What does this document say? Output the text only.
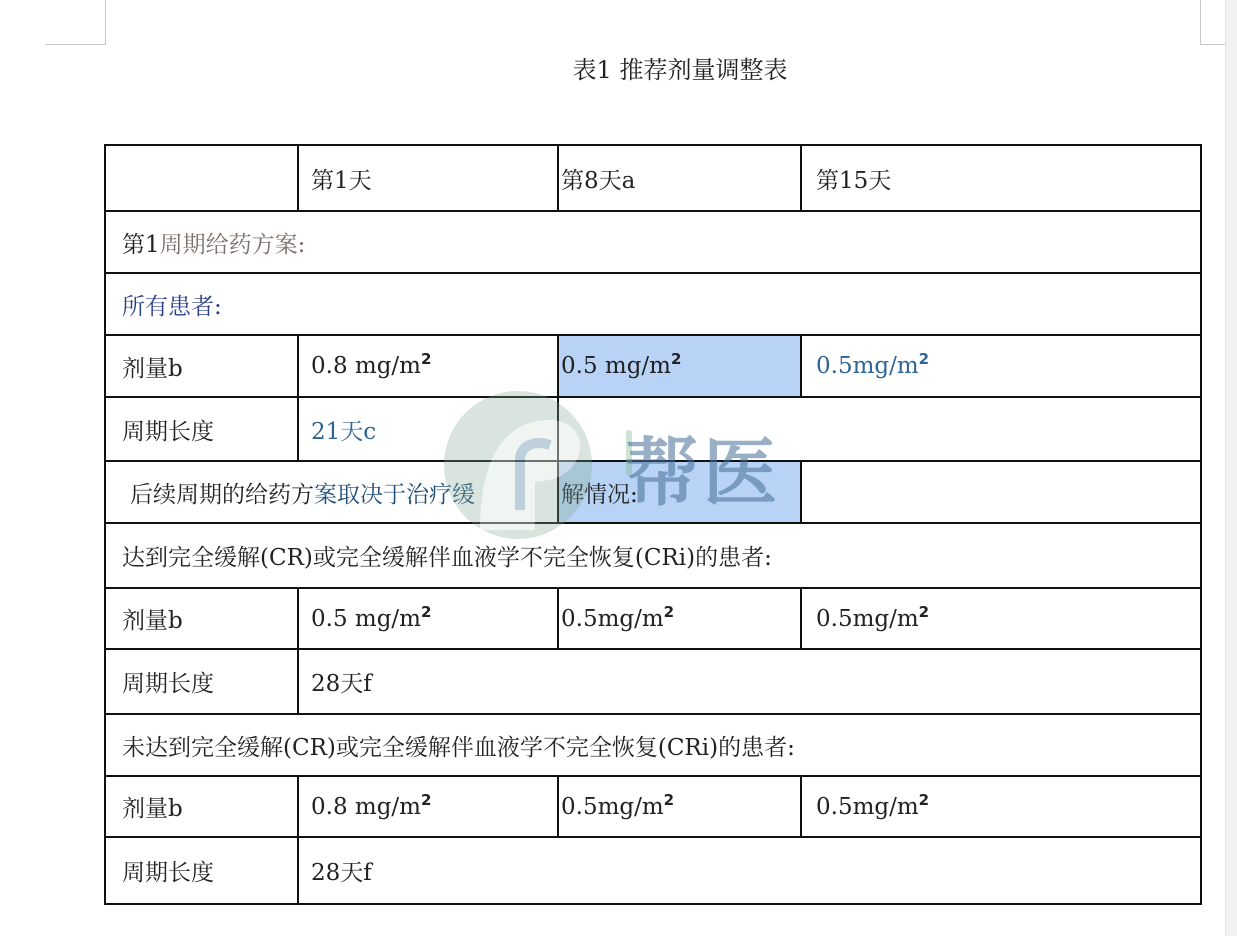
表1 推荐剂量调整表
	第1天	第8天a	第15天
第1周期给药方案:			
所有患者:			
剂量b	0.8 $mg/m^2$	0.5 $mg/m^2$	$0.5mg/m^2$
周期长度	21天c		
后续周期的给药方案取决于治疗缓		解情况:	
达到完全缓解(CR)或完全缓解伴血液学不完全恢复(CRi)的患者:			
剂量b	0.5 $mg/m^2$	$0.5mg/m^2$	$0.5mg/m^2$
周期长度	28天f		
未达到完全缓解(CR)或完全缓解伴血液学不完全恢复(CRi)的患者:			
剂量b	0.8 $mg/m^2$	$0.5mg/m^2$	$0.5mg/m^2$
周期长度	28天f		
帮医
